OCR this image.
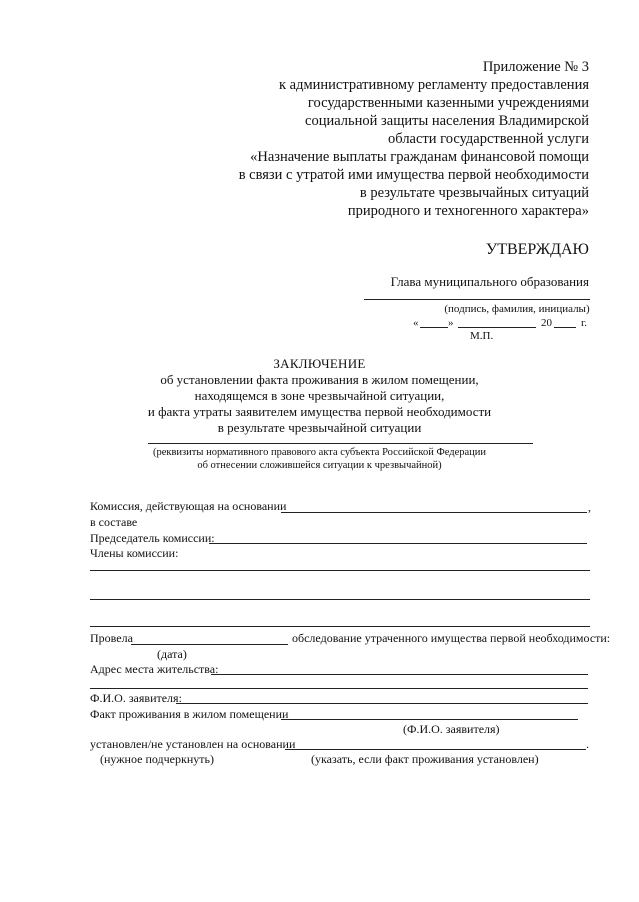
Приложение № 3
к административному регламенту предоставления
государственными казенными учреждениями
социальной защиты населения Владимирской
области государственной услуги
«Назначение выплаты гражданам финансовой помощи
в связи с утратой ими имущества первой необходимости
в результате чрезвычайных ситуаций
природного и техногенного характера»
УТВЕРЖДАЮ
Глава муниципального образования
(подпись, фамилия, инициалы)
«	»	20	г.
М.П.
ЗАКЛЮЧЕНИЕ
об установлении факта проживания в жилом помещении,
находящемся в зоне чрезвычайной ситуации,
и факта утраты заявителем имущества первой необходимости
в результате чрезвычайной ситуации
(реквизиты нормативного правового акта субъекта Российской Федерации
об отнесении сложившейся ситуации к чрезвычайной)
Комиссия, действующая на основании	,
в составе
Председатель комиссии:
Члены комиссии:
Провела	обследование утраченного имущества первой необходимости:
(дата)
Адрес места жительства:
Ф.И.О. заявителя:
Факт проживания в жилом помещении
(Ф.И.О. заявителя)
установлен/не установлен на основании	.
(нужное подчеркнуть)	(указать, если факт проживания установлен)
